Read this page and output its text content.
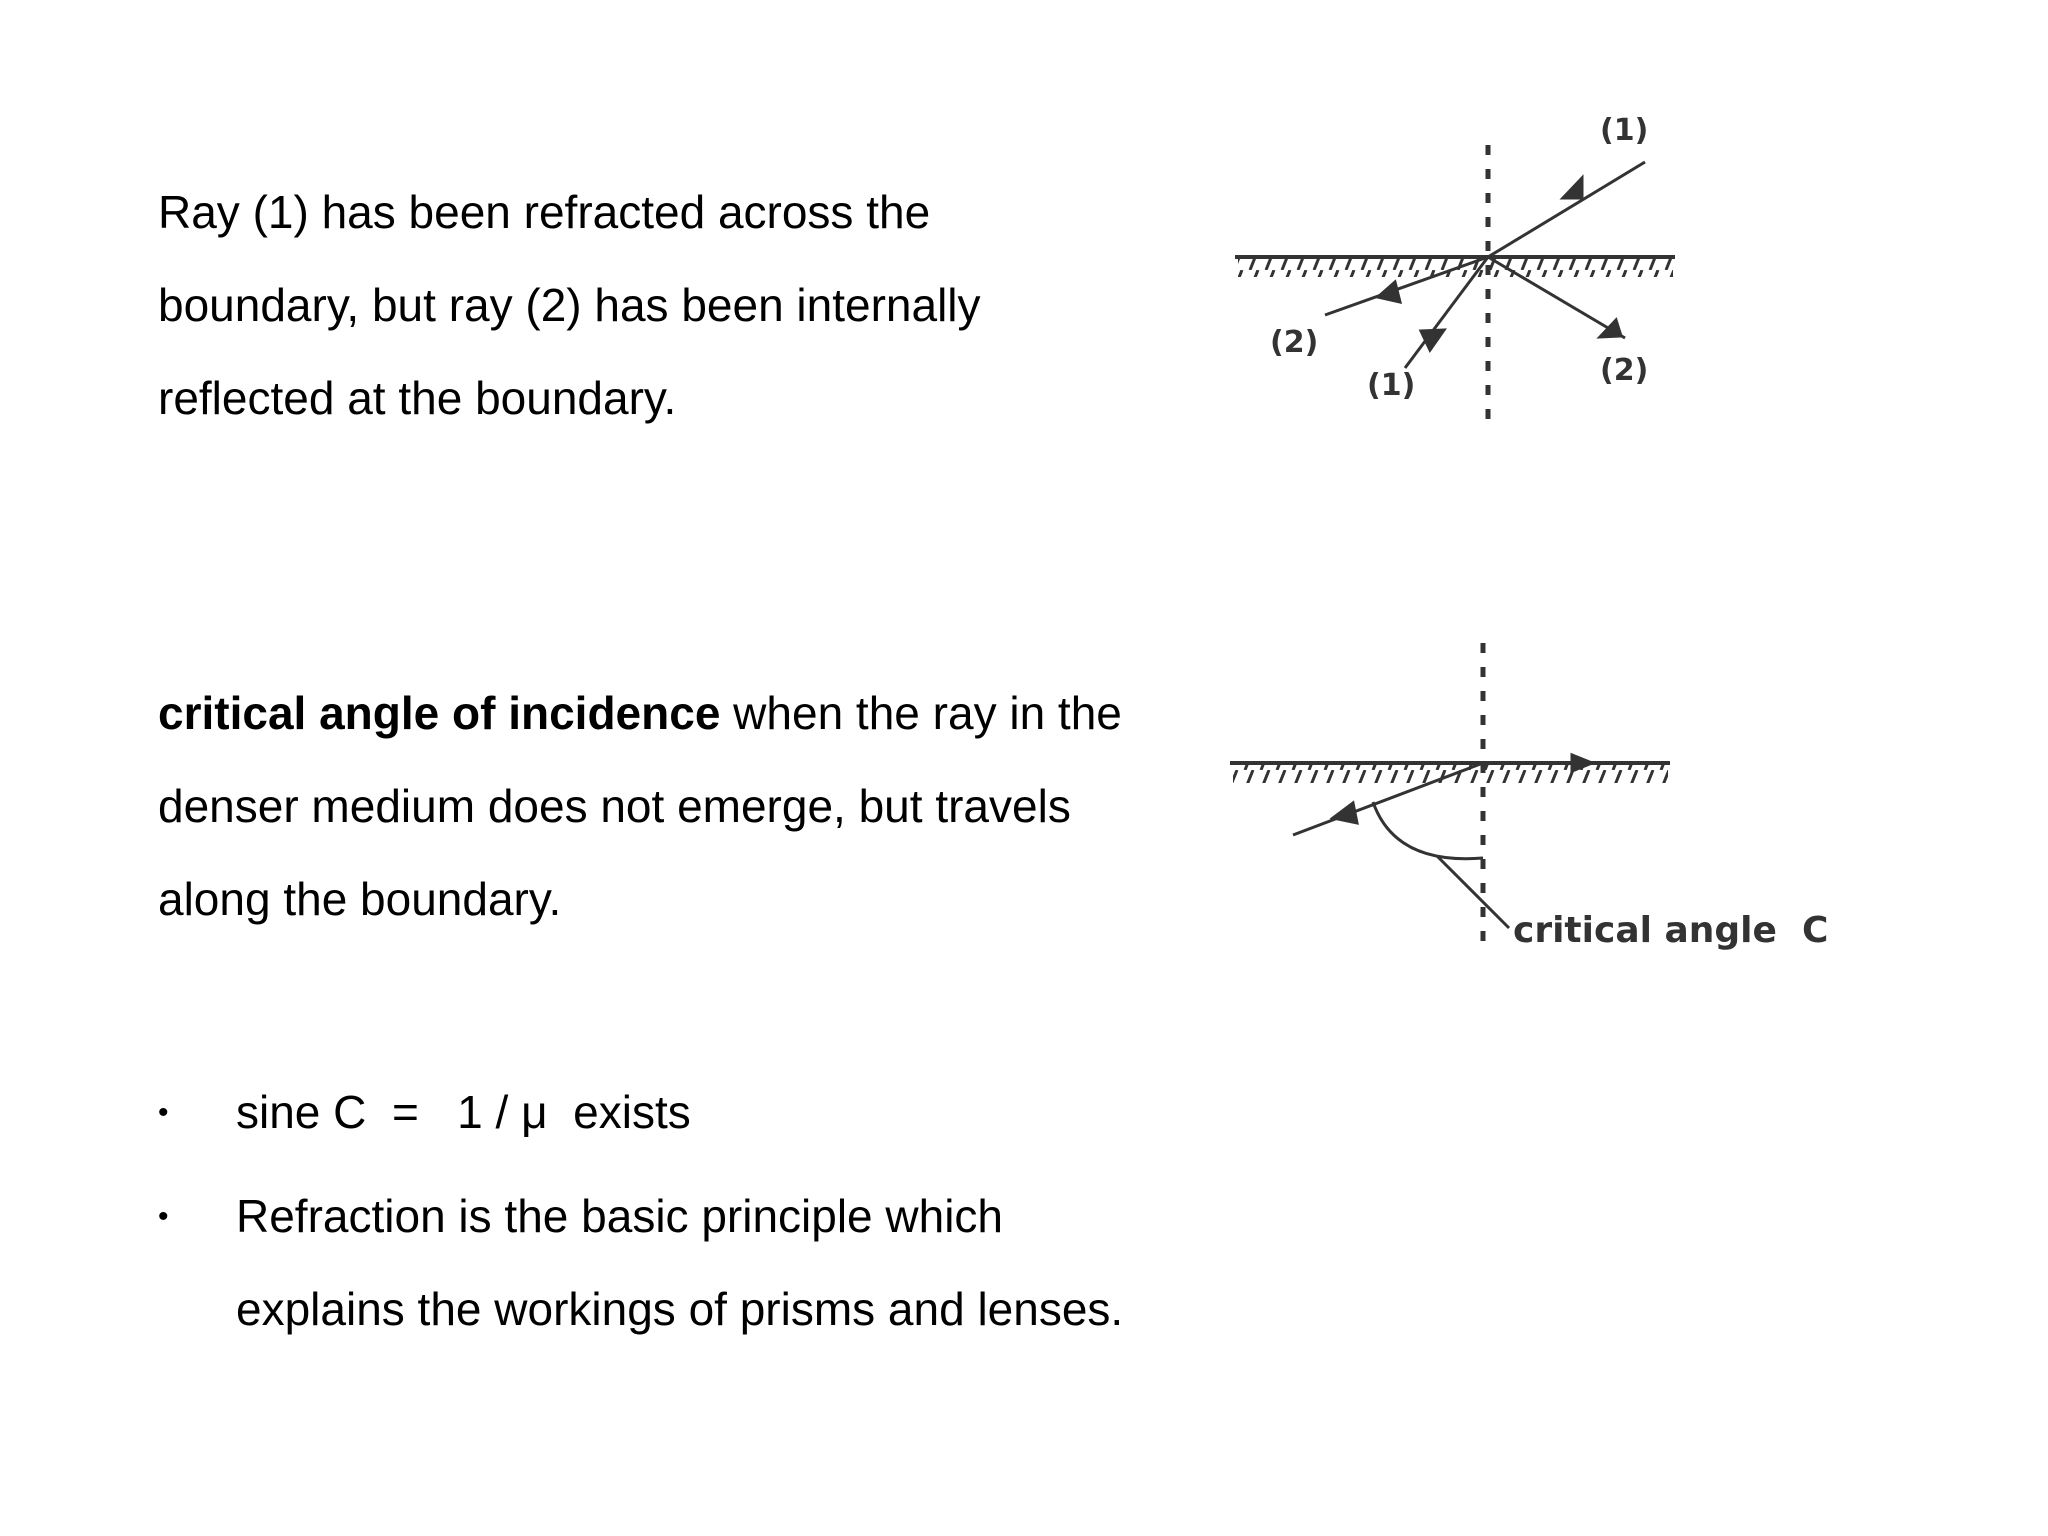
Ray (1) has been refracted across the
boundary, but ray (2) has been internally
reflected at the boundary.
critical angle of incidence when the ray in the
denser medium does not emerge, but travels
along the boundary.
• sine C  =   1 / μ  exists
• Refraction is the basic principle which
explains the workings of prisms and lenses.
(1)
(2)
(1)	(2)
critical angle  C
